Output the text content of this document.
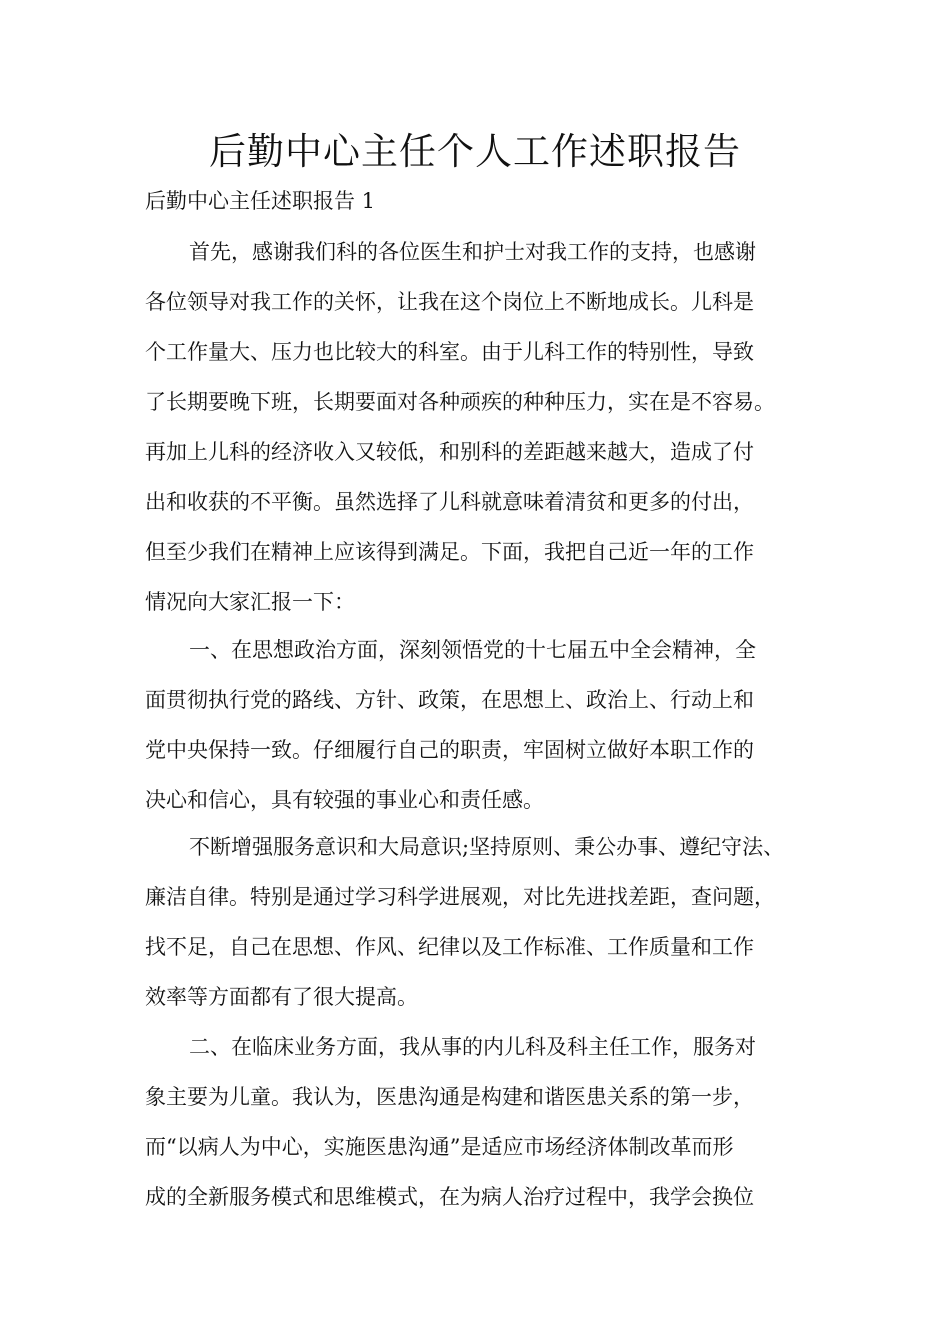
后勤中心主任个人工作述职报告

后勤中心主任述职报告 1

首先，感谢我们科的各位医生和护士对我工作的支持，也感谢
各位领导对我工作的关怀，让我在这个岗位上不断地成长。儿科是
个工作量大、压力也比较大的科室。由于儿科工作的特别性，导致
了长期要晚下班，长期要面对各种顽疾的种种压力，实在是不容易。
再加上儿科的经济收入又较低，和别科的差距越来越大，造成了付
出和收获的不平衡。虽然选择了儿科就意味着清贫和更多的付出，
但至少我们在精神上应该得到满足。下面，我把自己近一年的工作
情况向大家汇报一下：
一、在思想政治方面，深刻领悟党的十七届五中全会精神，全
面贯彻执行党的路线、方针、政策，在思想上、政治上、行动上和
党中央保持一致。仔细履行自己的职责，牢固树立做好本职工作的
决心和信心，具有较强的事业心和责任感。
不断增强服务意识和大局意识;坚持原则、秉公办事、遵纪守法、
廉洁自律。特别是通过学习科学进展观，对比先进找差距，查问题，
找不足，自己在思想、作风、纪律以及工作标准、工作质量和工作
效率等方面都有了很大提高。
二、在临床业务方面，我从事的内儿科及科主任工作，服务对
象主要为儿童。我认为，医患沟通是构建和谐医患关系的第一步，
而“以病人为中心，实施医患沟通”是适应市场经济体制改革而形
成的全新服务模式和思维模式，在为病人治疗过程中，我学会换位
